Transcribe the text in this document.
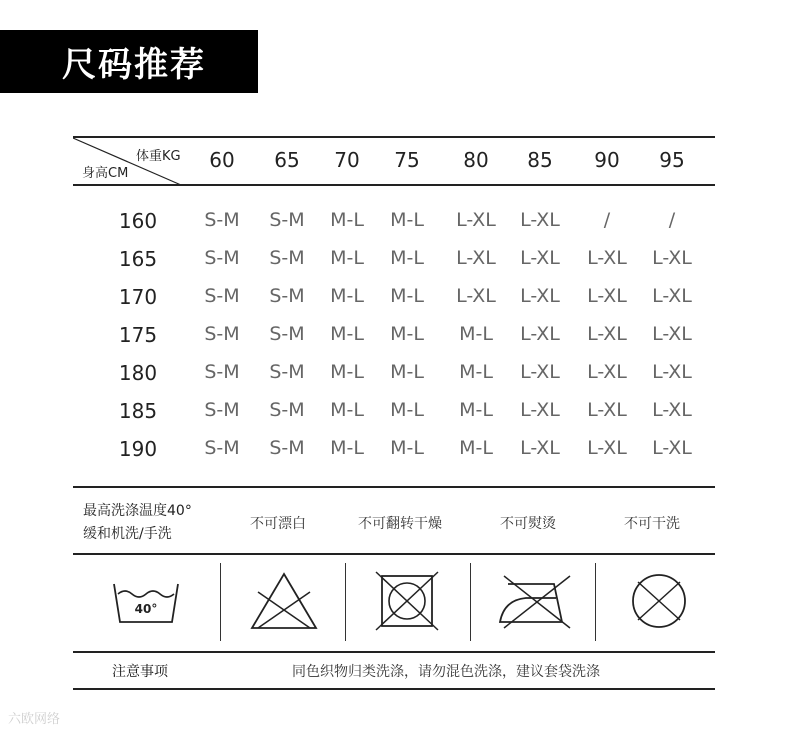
尺码推荐
体重KG
身高CM
60	65	70	75	80	85	90	95
160	S-M	S-M	M-L	M-L	L-XL	L-XL	/	/
165	S-M	S-M	M-L	M-L	L-XL	L-XL	L-XL	L-XL
170	S-M	S-M	M-L	M-L	L-XL	L-XL	L-XL	L-XL
175	S-M	S-M	M-L	M-L	M-L	L-XL	L-XL	L-XL
180	S-M	S-M	M-L	M-L	M-L	L-XL	L-XL	L-XL
185	S-M	S-M	M-L	M-L	M-L	L-XL	L-XL	L-XL
190	S-M	S-M	M-L	M-L	M-L	L-XL	L-XL	L-XL
最高洗涤温度40°
缓和机洗/手洗
不可漂白	不可翻转干燥	不可熨烫	不可干洗
40°
注意事项	同色织物归类洗涤，请勿混色洗涤，建议套袋洗涤
六欧网络
